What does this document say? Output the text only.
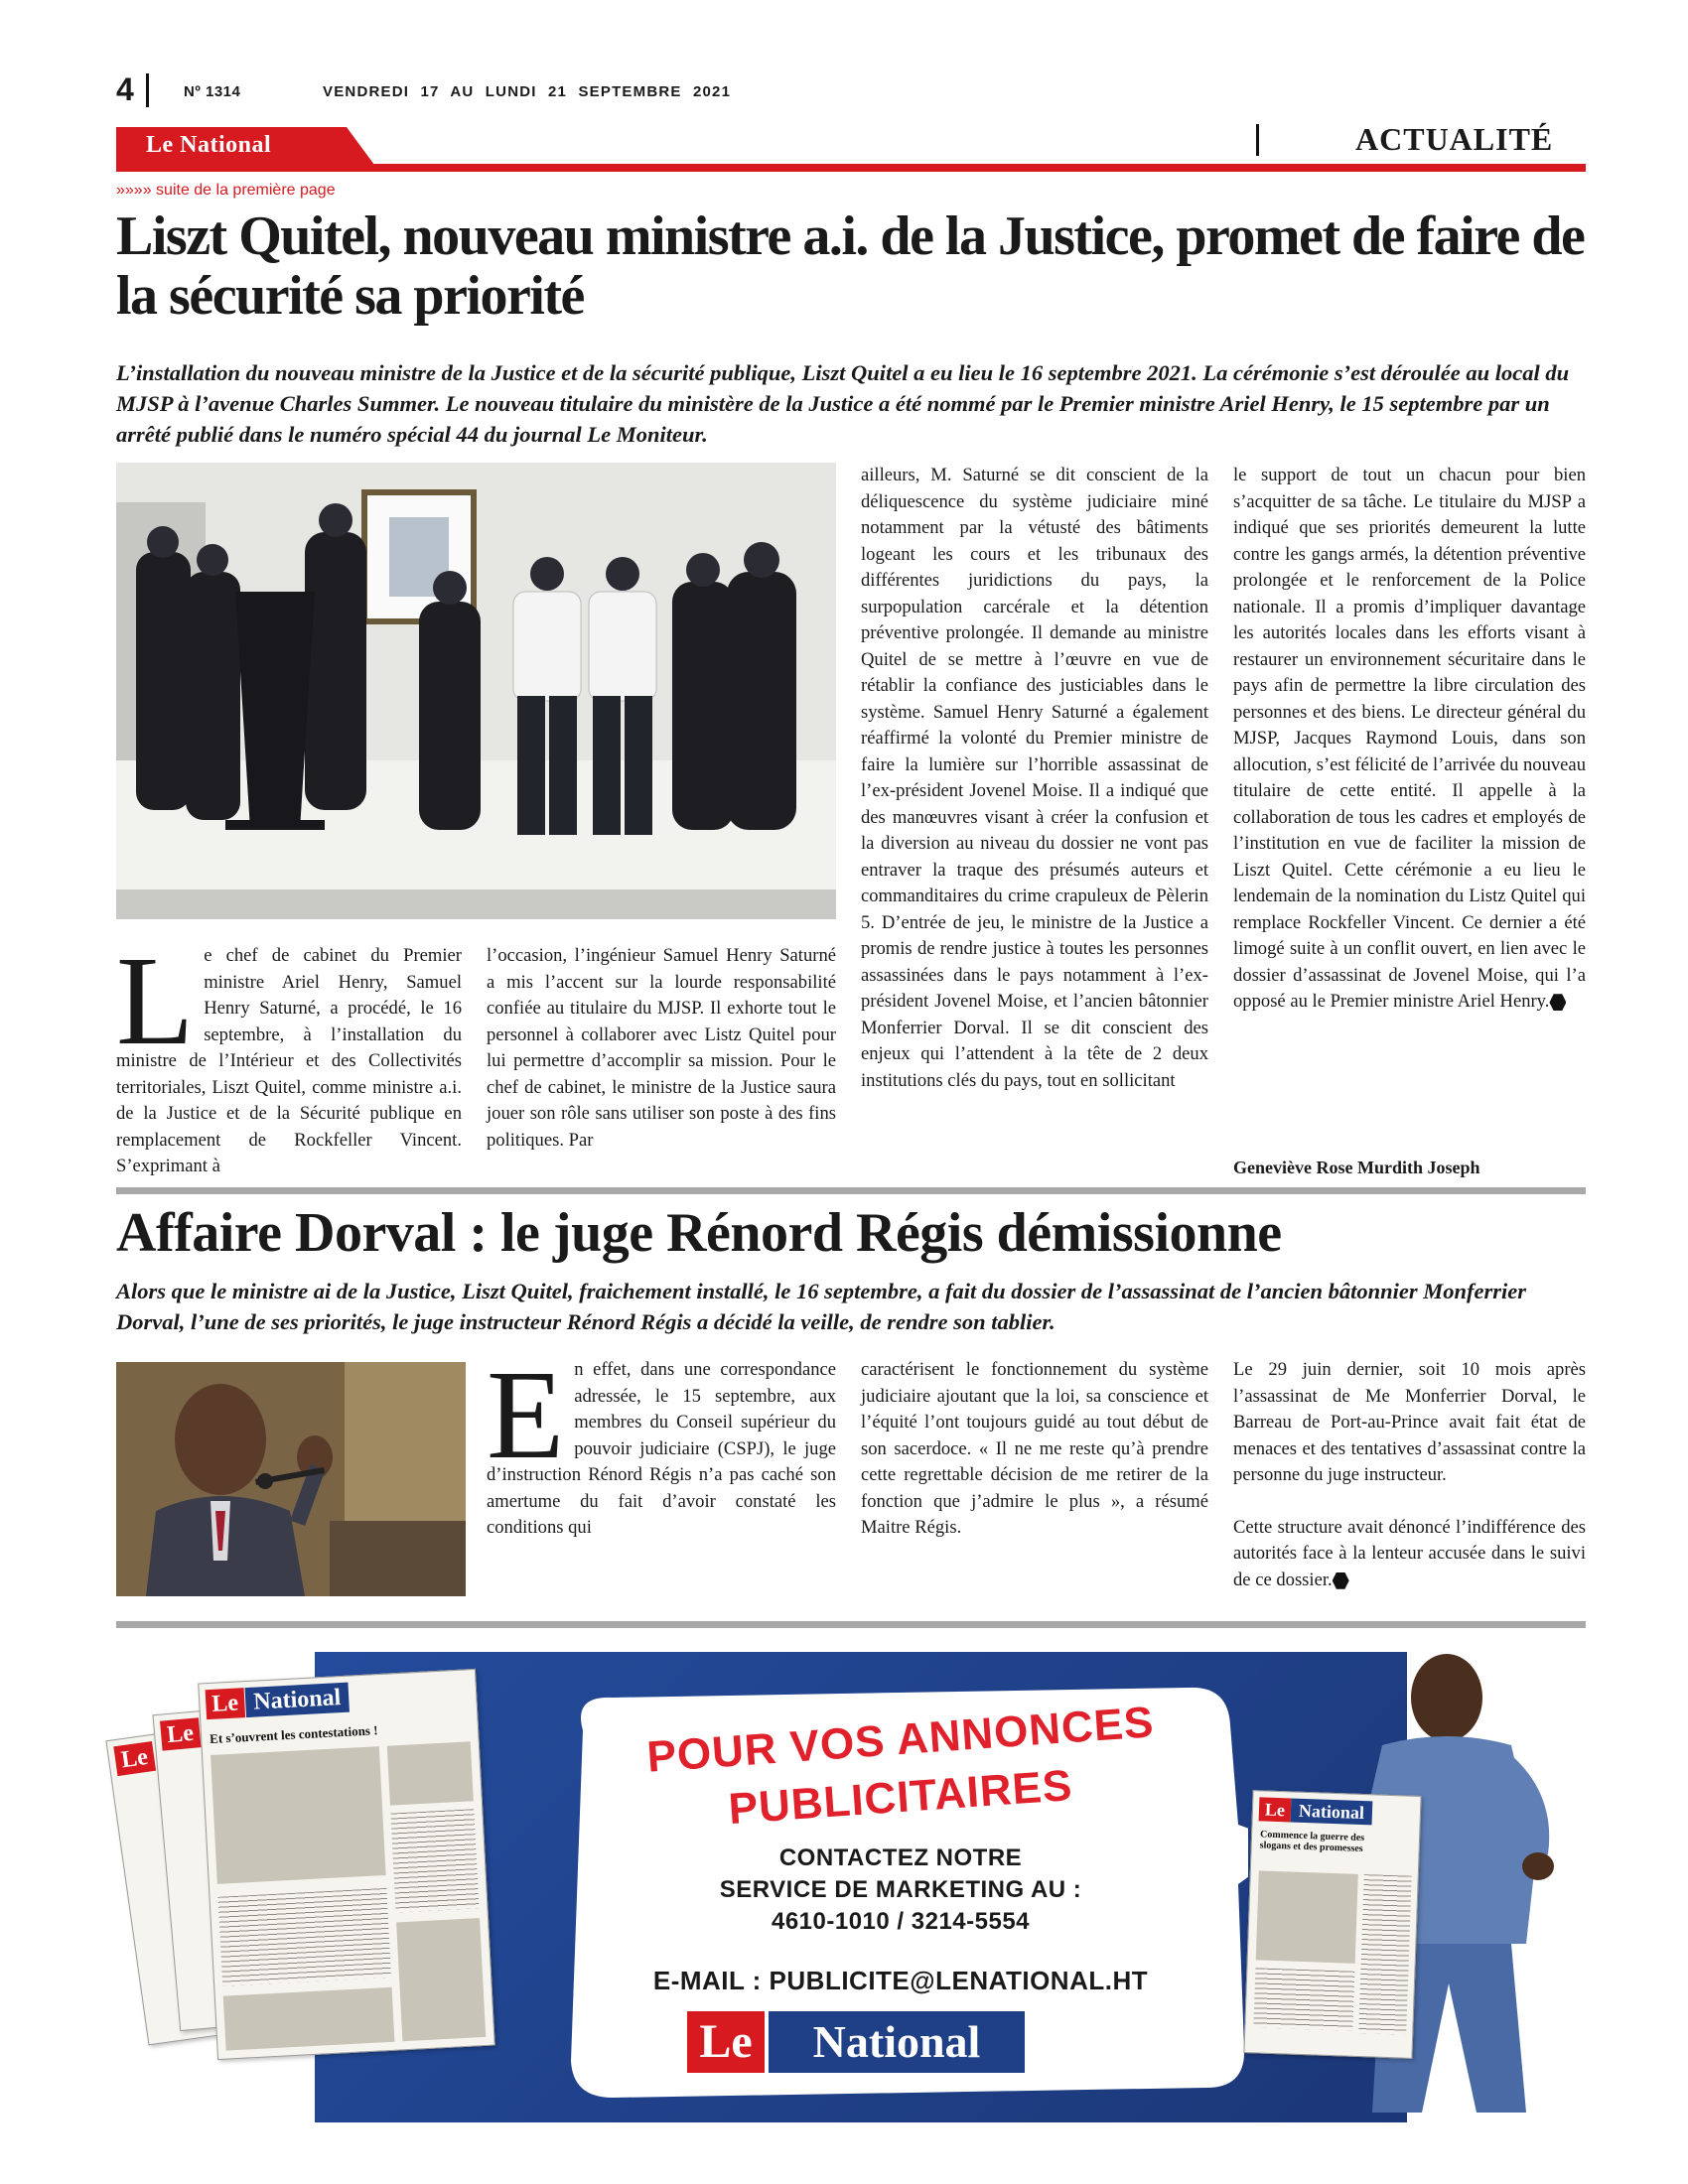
4	Nº 1314	VENDREDI 17 AU LUNDI 21 SEPTEMBRE 2021
Le National	ACTUALITÉ
»»»» suite de la première page
Liszt Quitel, nouveau ministre a.i. de la Justice, promet de faire de la sécurité sa priorité
L’installation du nouveau ministre de la Justice et de la sécurité publique, Liszt Quitel a eu lieu le 16 septembre 2021. La cérémonie s’est déroulée au local du MJSP à l’avenue Charles Summer. Le nouveau titulaire du ministère de la Justice a été nommé par le Premier ministre Ariel Henry, le 15 septembre par un arrêté publié dans le numéro spécial 44 du journal Le Moniteur.
Le chef de cabinet du Premier ministre Ariel Henry, Samuel Henry Saturné, a procédé, le 16 septembre, à l’installation du ministre de l’Intérieur et des Collectivités territoriales, Liszt Quitel, comme ministre a.i. de la Justice et de la Sécurité publique en remplacement de Rockfeller Vincent. S’exprimant à
l’occasion, l’ingénieur Samuel Henry Saturné a mis l’accent sur la lourde responsabilité confiée au titulaire du MJSP. Il exhorte tout le personnel à collaborer avec Listz Quitel pour lui permettre d’accomplir sa mission. Pour le chef de cabinet, le ministre de la Justice saura jouer son rôle sans utiliser son poste à des fins politiques. Par
ailleurs, M. Saturné se dit conscient de la déliquescence du système judiciaire miné notamment par la vétusté des bâtiments logeant les cours et les tribunaux des différentes juridictions du pays, la surpopulation carcérale et la détention préventive prolongée. Il demande au ministre Quitel de se mettre à l’œuvre en vue de rétablir la confiance des justiciables dans le système. Samuel Henry Saturné a également réaffirmé la volonté du Premier ministre de faire la lumière sur l’horrible assassinat de l’ex-président Jovenel Moise. Il a indiqué que des manœuvres visant à créer la confusion et la diversion au niveau du dossier ne vont pas entraver la traque des présumés auteurs et commanditaires du crime crapuleux de Pèlerin 5. D’entrée de jeu, le ministre de la Justice a promis de rendre justice à toutes les personnes assassinées dans le pays notamment à l’ex-président Jovenel Moise, et l’ancien bâtonnier Monferrier Dorval. Il se dit conscient des enjeux qui l’attendent à la tête de 2 deux institutions clés du pays, tout en sollicitant
le support de tout un chacun pour bien s’acquitter de sa tâche. Le titulaire du MJSP a indiqué que ses priorités demeurent la lutte contre les gangs armés, la détention préventive prolongée et le renforcement de la Police nationale. Il a promis d’impliquer davantage les autorités locales dans les efforts visant à restaurer un environnement sécuritaire dans le pays afin de permettre la libre circulation des personnes et des biens. Le directeur général du MJSP, Jacques Raymond Louis, dans son allocution, s’est félicité de l’arrivée du nouveau titulaire de cette entité. Il appelle à la collaboration de tous les cadres et employés de l’institution en vue de faciliter la mission de Liszt Quitel. Cette cérémonie a eu lieu le lendemain de la nomination du Listz Quitel qui remplace Rockfeller Vincent. Ce dernier a été limogé suite à un conflit ouvert, en lien avec le dossier d’assassinat de Jovenel Moise, qui l’a opposé au le Premier ministre Ariel Henry.
Geneviève Rose Murdith Joseph
Affaire Dorval : le juge Rénord Régis démissionne
Alors que le ministre ai de la Justice, Liszt Quitel, fraichement installé, le 16 septembre, a fait du dossier de l’assassinat de l’ancien bâtonnier Monferrier Dorval, l’une de ses priorités, le juge instructeur Rénord Régis a décidé la veille, de rendre son tablier.
En effet, dans une correspondance adressée, le 15 septembre, aux membres du Conseil supérieur du pouvoir judiciaire (CSPJ), le juge d’instruction Rénord Régis n’a pas caché son amertume du fait d’avoir constaté les conditions qui
caractérisent le fonctionnement du système judiciaire ajoutant que la loi, sa conscience et l’équité l’ont toujours guidé au tout début de son sacerdoce. « Il ne me reste qu’à prendre cette regrettable décision de me retirer de la fonction que j’admire le plus », a résumé Maitre Régis.

Le 29 juin dernier, soit 10 mois après l’assassinat de Me Monferrier Dorval, le Barreau de Port-au-Prince avait fait état de menaces et des tentatives d’assassinat contre la personne du juge instructeur.

Cette structure avait dénoncé l’indifférence des autorités face à la lenteur accusée dans le suivi de ce dossier.

Le
Le
Le National
Et s’ouvrent les contestations !	POUR VOS ANNONCES
PUBLICITAIRES
CONTACTEZ NOTRE
SERVICE DE MARKETING AU :
4610-1010 / 3214-5554
E-MAIL : PUBLICITE@LENATIONAL.HT
Le	National
Le National
Commence la guerre des slogans et des promesses
